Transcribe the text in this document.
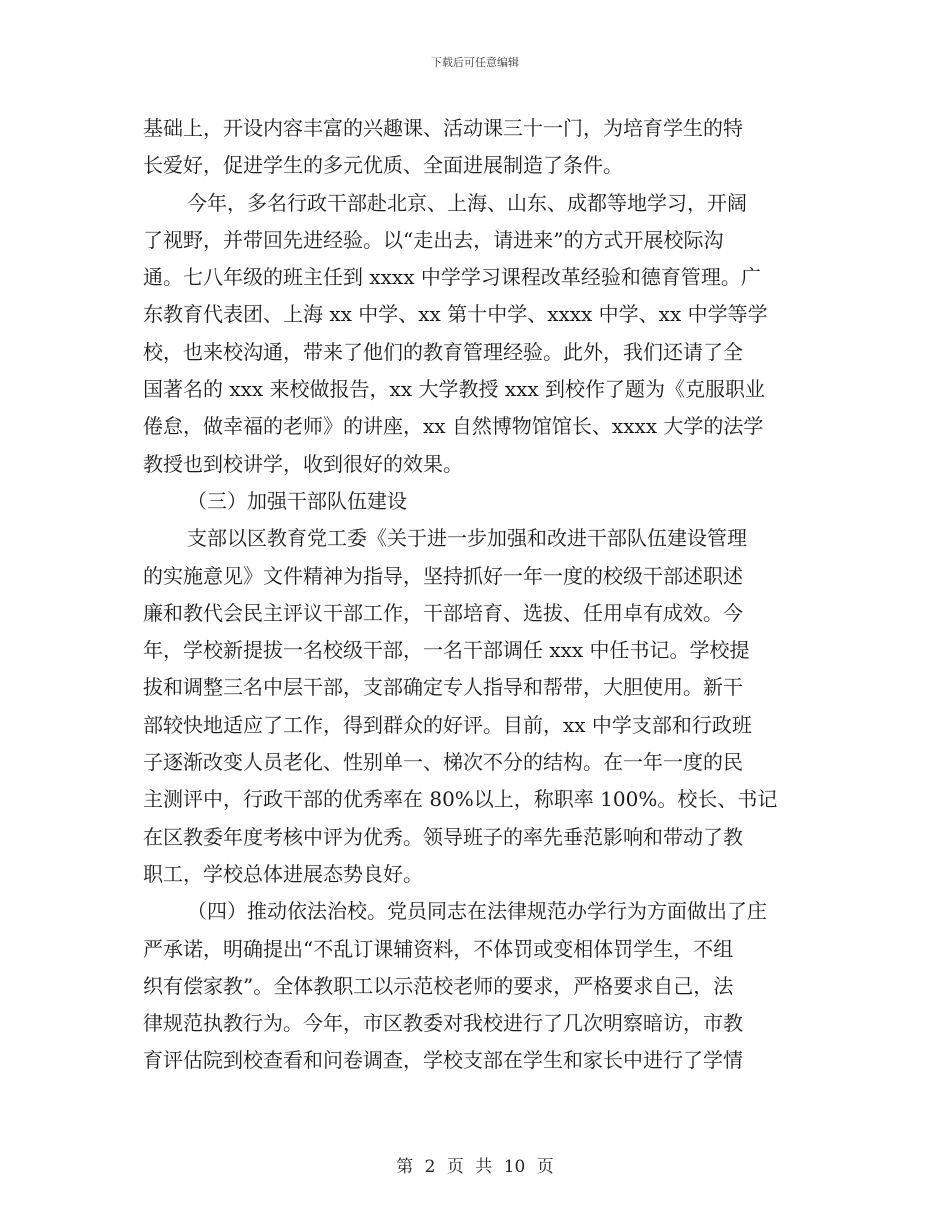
下载后可任意编辑
基础上，开设内容丰富的兴趣课、活动课三十一门，为培育学生的特
长爱好，促进学生的多元优质、全面进展制造了条件。
今年，多名行政干部赴北京、上海、山东、成都等地学习，开阔
了视野，并带回先进经验。以“走出去，请进来”的方式开展校际沟
通。七八年级的班主任到 xxxx 中学学习课程改革经验和德育管理。广
东教育代表团、上海 xx 中学、xx 第十中学、xxxx 中学、xx 中学等学
校，也来校沟通，带来了他们的教育管理经验。此外，我们还请了全
国著名的 xxx 来校做报告，xx 大学教授 xxx 到校作了题为《克服职业
倦怠，做幸福的老师》的讲座，xx 自然博物馆馆长、xxxx 大学的法学
教授也到校讲学，收到很好的效果。
（三）加强干部队伍建设
支部以区教育党工委《关于进一步加强和改进干部队伍建设管理
的实施意见》文件精神为指导，坚持抓好一年一度的校级干部述职述
廉和教代会民主评议干部工作，干部培育、选拔、任用卓有成效。今
年，学校新提拔一名校级干部，一名干部调任 xxx 中任书记。学校提
拔和调整三名中层干部，支部确定专人指导和帮带，大胆使用。新干
部较快地适应了工作，得到群众的好评。目前，xx 中学支部和行政班
子逐渐改变人员老化、性别单一、梯次不分的结构。在一年一度的民
主测评中，行政干部的优秀率在 80%以上，称职率 100%。校长、书记
在区教委年度考核中评为优秀。领导班子的率先垂范影响和带动了教
职工，学校总体进展态势良好。
（四）推动依法治校。党员同志在法律规范办学行为方面做出了庄
严承诺，明确提出“不乱订课辅资料，不体罚或变相体罚学生，不组
织有偿家教”。全体教职工以示范校老师的要求，严格要求自己，法
律规范执教行为。今年，市区教委对我校进行了几次明察暗访，市教
育评估院到校查看和问卷调查，学校支部在学生和家长中进行了学情
第 2 页 共 10 页
